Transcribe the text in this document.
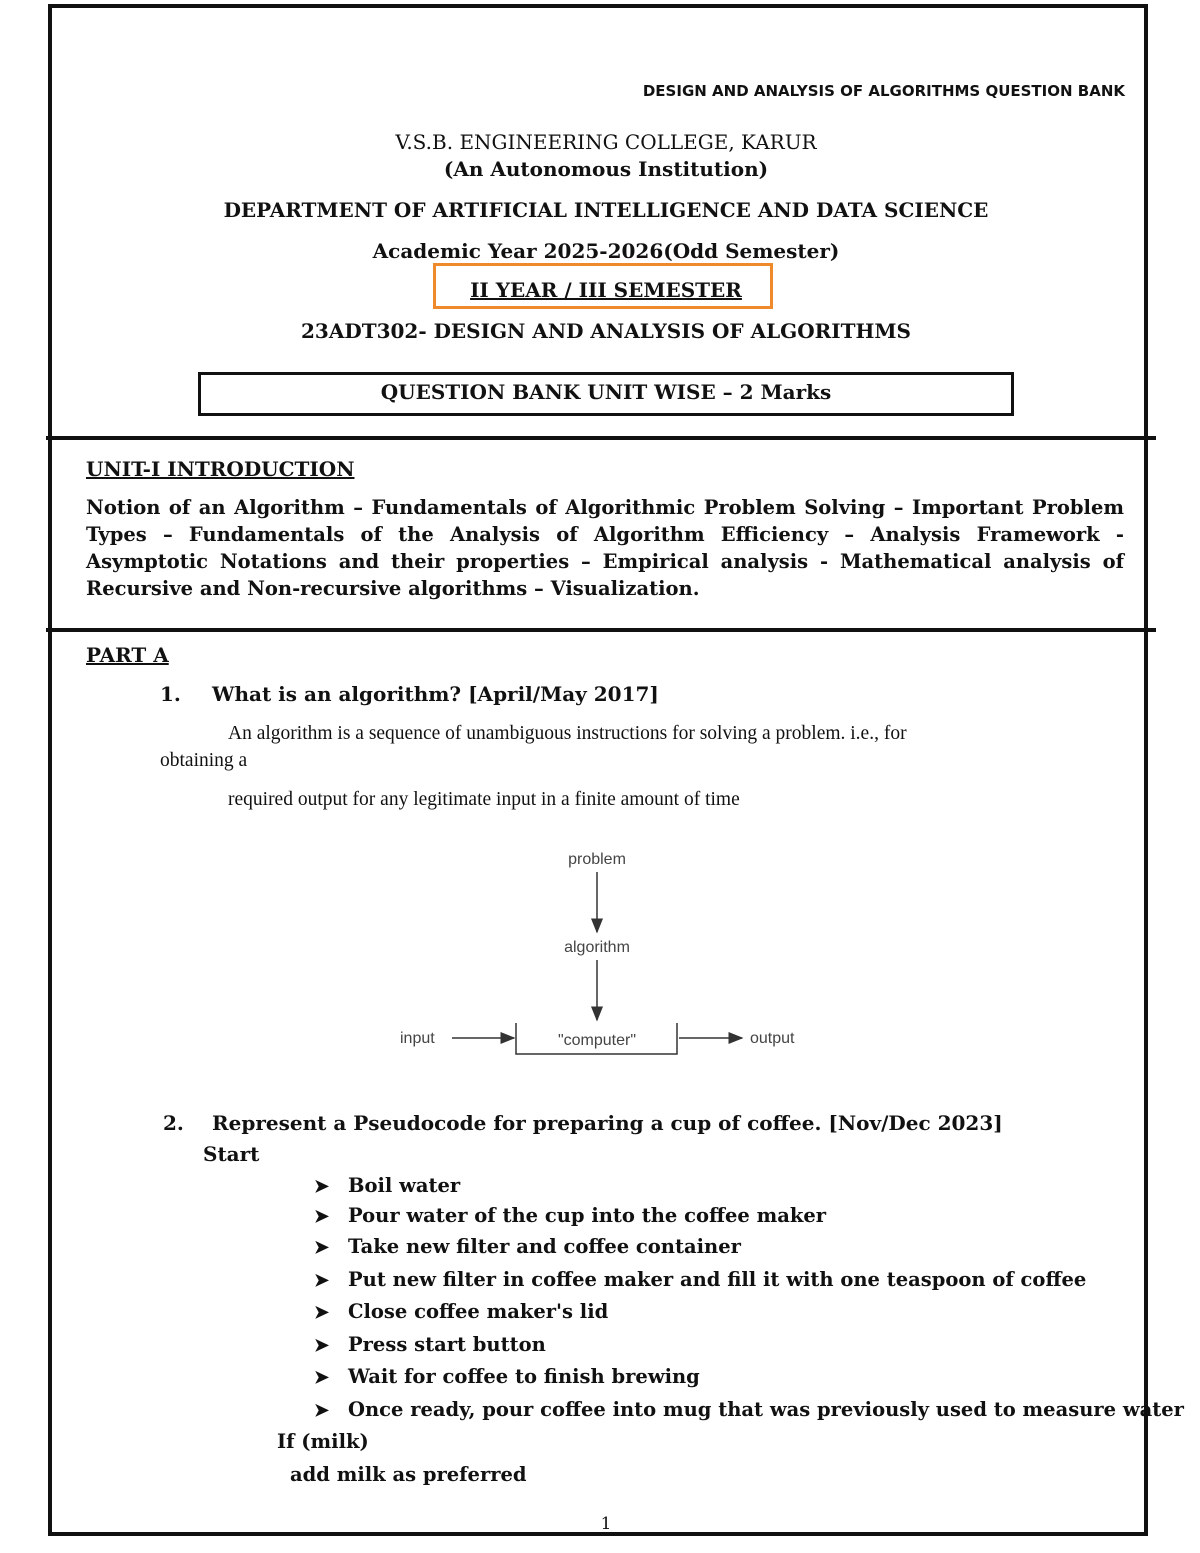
DESIGN AND ANALYSIS OF ALGORITHMS QUESTION BANK
V.S.B. ENGINEERING COLLEGE, KARUR
(An Autonomous Institution)
DEPARTMENT OF ARTIFICIAL INTELLIGENCE AND DATA SCIENCE
Academic Year 2025-2026(Odd Semester)
II YEAR / III SEMESTER
23ADT302- DESIGN AND ANALYSIS OF ALGORITHMS
QUESTION BANK UNIT WISE – 2 Marks
UNIT-I INTRODUCTION
Notion of an Algorithm – Fundamentals of Algorithmic Problem Solving – Important Problem Types – Fundamentals of the Analysis of Algorithm Efficiency – Analysis Framework - Asymptotic Notations and their properties – Empirical analysis - Mathematical analysis of Recursive and Non-recursive algorithms – Visualization.
PART A
1. What is an algorithm? [April/May 2017]
An algorithm is a sequence of unambiguous instructions for solving a problem. i.e., for
obtaining a
required output for any legitimate input in a finite amount of time
problem
algorithm
"computer"
input	output
2. Represent a Pseudocode for preparing a cup of coffee. [Nov/Dec 2023]
Start
➤ Boil water
➤ Pour water of the cup into the coffee maker
➤ Take new filter and coffee container
➤ Put new filter in coffee maker and fill it with one teaspoon of coffee
➤ Close coffee maker's lid
➤ Press start button
➤ Wait for coffee to finish brewing
➤ Once ready, pour coffee into mug that was previously used to measure water
If (milk)
add milk as preferred
1
